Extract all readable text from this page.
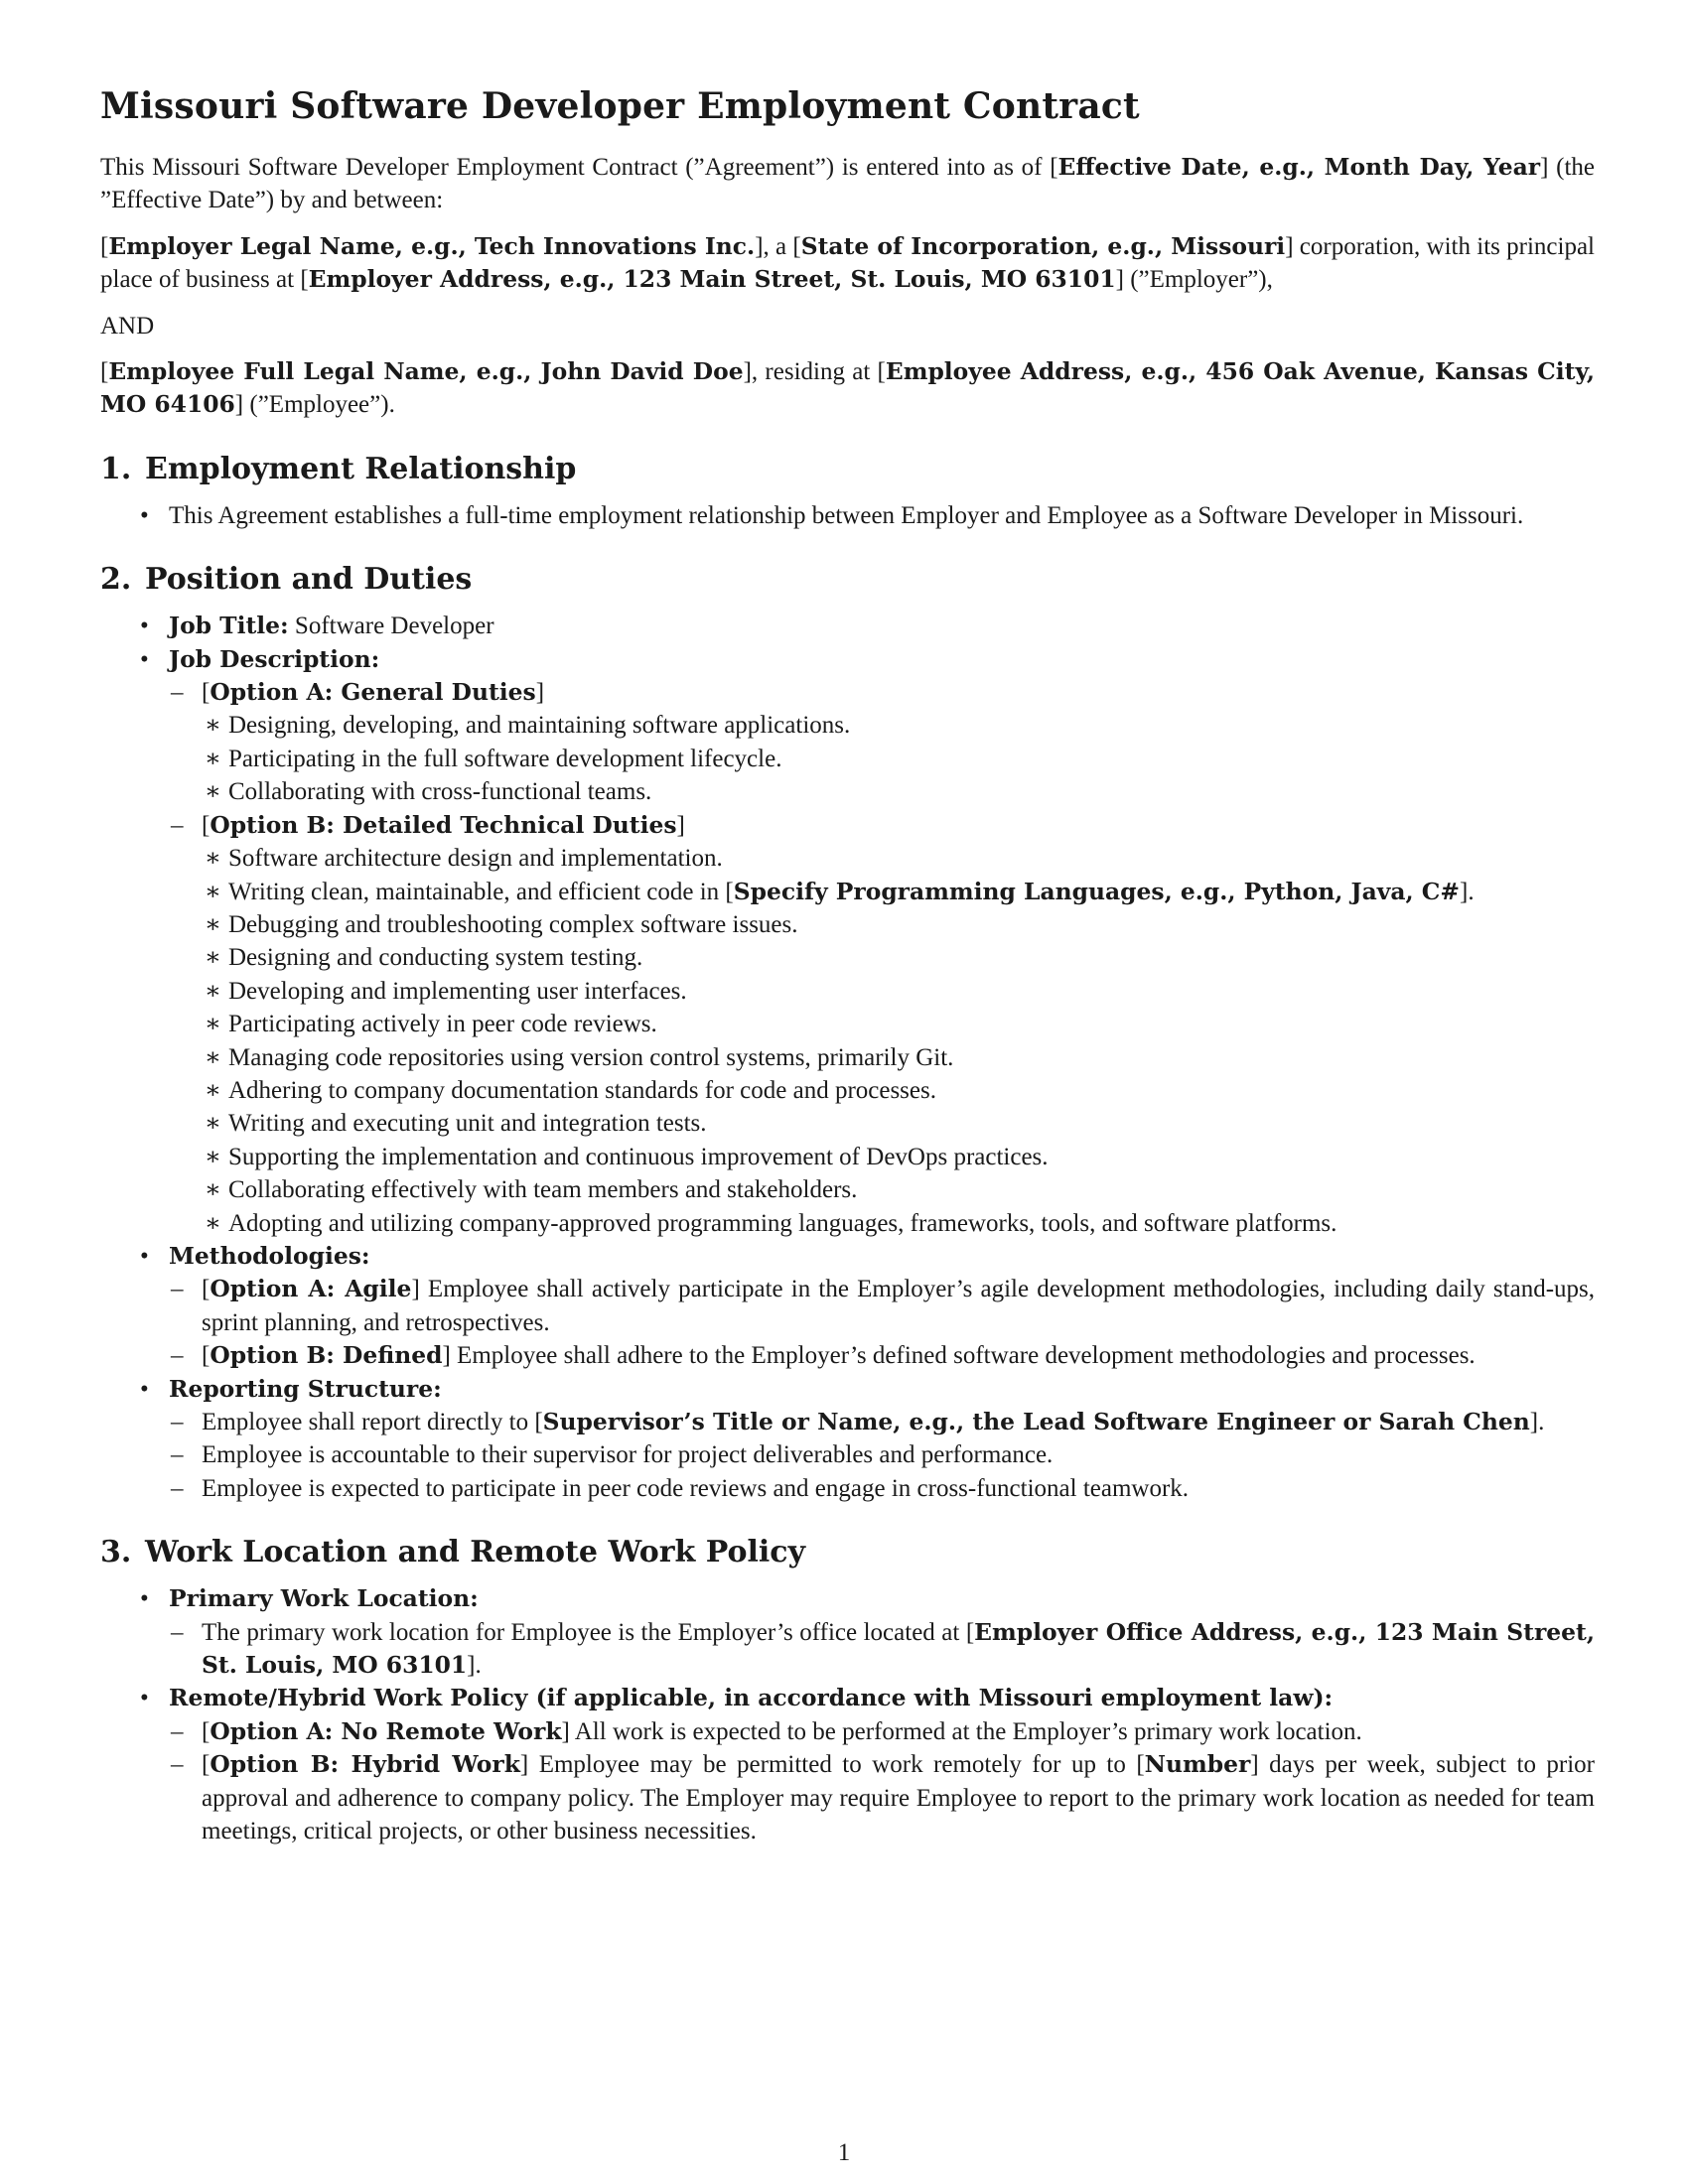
Missouri Software Developer Employment Contract

This Missouri Software Developer Employment Contract (”Agreement”) is entered into as of [Effective Date, e.g., Month Day, Year] (the ”Effective Date”) by and between:

[Employer Legal Name, e.g., Tech Innovations Inc.], a [State of Incorporation, e.g., Missouri] corporation, with its principal place of business at [Employer Address, e.g., 123 Main Street, St. Louis, MO 63101] (”Employer”),

AND

[Employee Full Legal Name, e.g., John David Doe], residing at [Employee Address, e.g., 456 Oak Avenue, Kansas City, MO 64106] (”Employee”).

1. Employment Relationship
• This Agreement establishes a full-time employment relationship between Employer and Employee as a Software Developer in Missouri.
2. Position and Duties
• Job Title: Software Developer
• Job Description:
– [Option A: General Duties]
∗ Designing, developing, and maintaining software applications.
∗ Participating in the full software development lifecycle.
∗ Collaborating with cross-functional teams.
– [Option B: Detailed Technical Duties]
∗ Software architecture design and implementation.
∗ Writing clean, maintainable, and efficient code in [Specify Programming Languages, e.g., Python, Java, C#].
∗ Debugging and troubleshooting complex software issues.
∗ Designing and conducting system testing.
∗ Developing and implementing user interfaces.
∗ Participating actively in peer code reviews.
∗ Managing code repositories using version control systems, primarily Git.
∗ Adhering to company documentation standards for code and processes.
∗ Writing and executing unit and integration tests.
∗ Supporting the implementation and continuous improvement of DevOps practices.
∗ Collaborating effectively with team members and stakeholders.
∗ Adopting and utilizing company-approved programming languages, frameworks, tools, and software platforms.
• Methodologies:
– [Option A: Agile] Employee shall actively participate in the Employer’s agile development methodologies, including daily stand-ups, sprint planning, and retrospectives.
– [Option B: Defined] Employee shall adhere to the Employer’s defined software development methodologies and processes.
• Reporting Structure:
– Employee shall report directly to [Supervisor’s Title or Name, e.g., the Lead Software Engineer or Sarah Chen].
– Employee is accountable to their supervisor for project deliverables and performance.
– Employee is expected to participate in peer code reviews and engage in cross-functional teamwork.
3. Work Location and Remote Work Policy
• Primary Work Location:
– The primary work location for Employee is the Employer’s office located at [Employer Office Address, e.g., 123 Main Street, St. Louis, MO 63101].
• Remote/Hybrid Work Policy (if applicable, in accordance with Missouri employment law):
– [Option A: No Remote Work] All work is expected to be performed at the Employer’s primary work location.
– [Option B: Hybrid Work] Employee may be permitted to work remotely for up to [Number] days per week, subject to prior approval and adherence to company policy. The Employer may require Employee to report to the primary work location as needed for team meetings, critical projects, or other business necessities.
1
